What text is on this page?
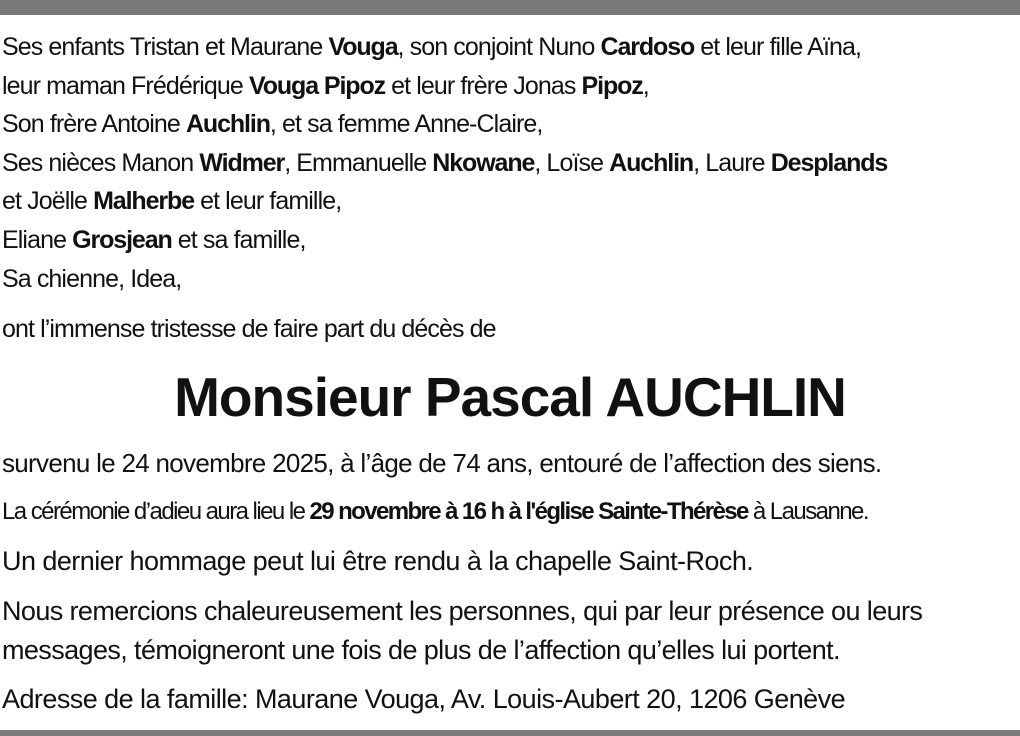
Ses enfants Tristan et Maurane Vouga, son conjoint Nuno Cardoso et leur fille Aïna,
leur maman Frédérique Vouga Pipoz et leur frère Jonas Pipoz,
Son frère Antoine Auchlin, et sa femme Anne-Claire,
Ses nièces Manon Widmer, Emmanuelle Nkowane, Loïse Auchlin, Laure Desplands
et Joëlle Malherbe et leur famille,
Eliane Grosjean et sa famille,
Sa chienne, Idea,
ont l’immense tristesse de faire part du décès de
Monsieur Pascal AUCHLIN
survenu le 24 novembre 2025, à l’âge de 74 ans, entouré de l’affection des siens.
La cérémonie d’adieu aura lieu le 29 novembre à 16 h à l'église Sainte-Thérèse à Lausanne.
Un dernier hommage peut lui être rendu à la chapelle Saint-Roch.
Nous remercions chaleureusement les personnes, qui par leur présence ou leurs
messages, témoigneront une fois de plus de l’affection qu’elles lui portent.
Adresse de la famille: Maurane Vouga, Av. Louis-Aubert 20, 1206 Genève
